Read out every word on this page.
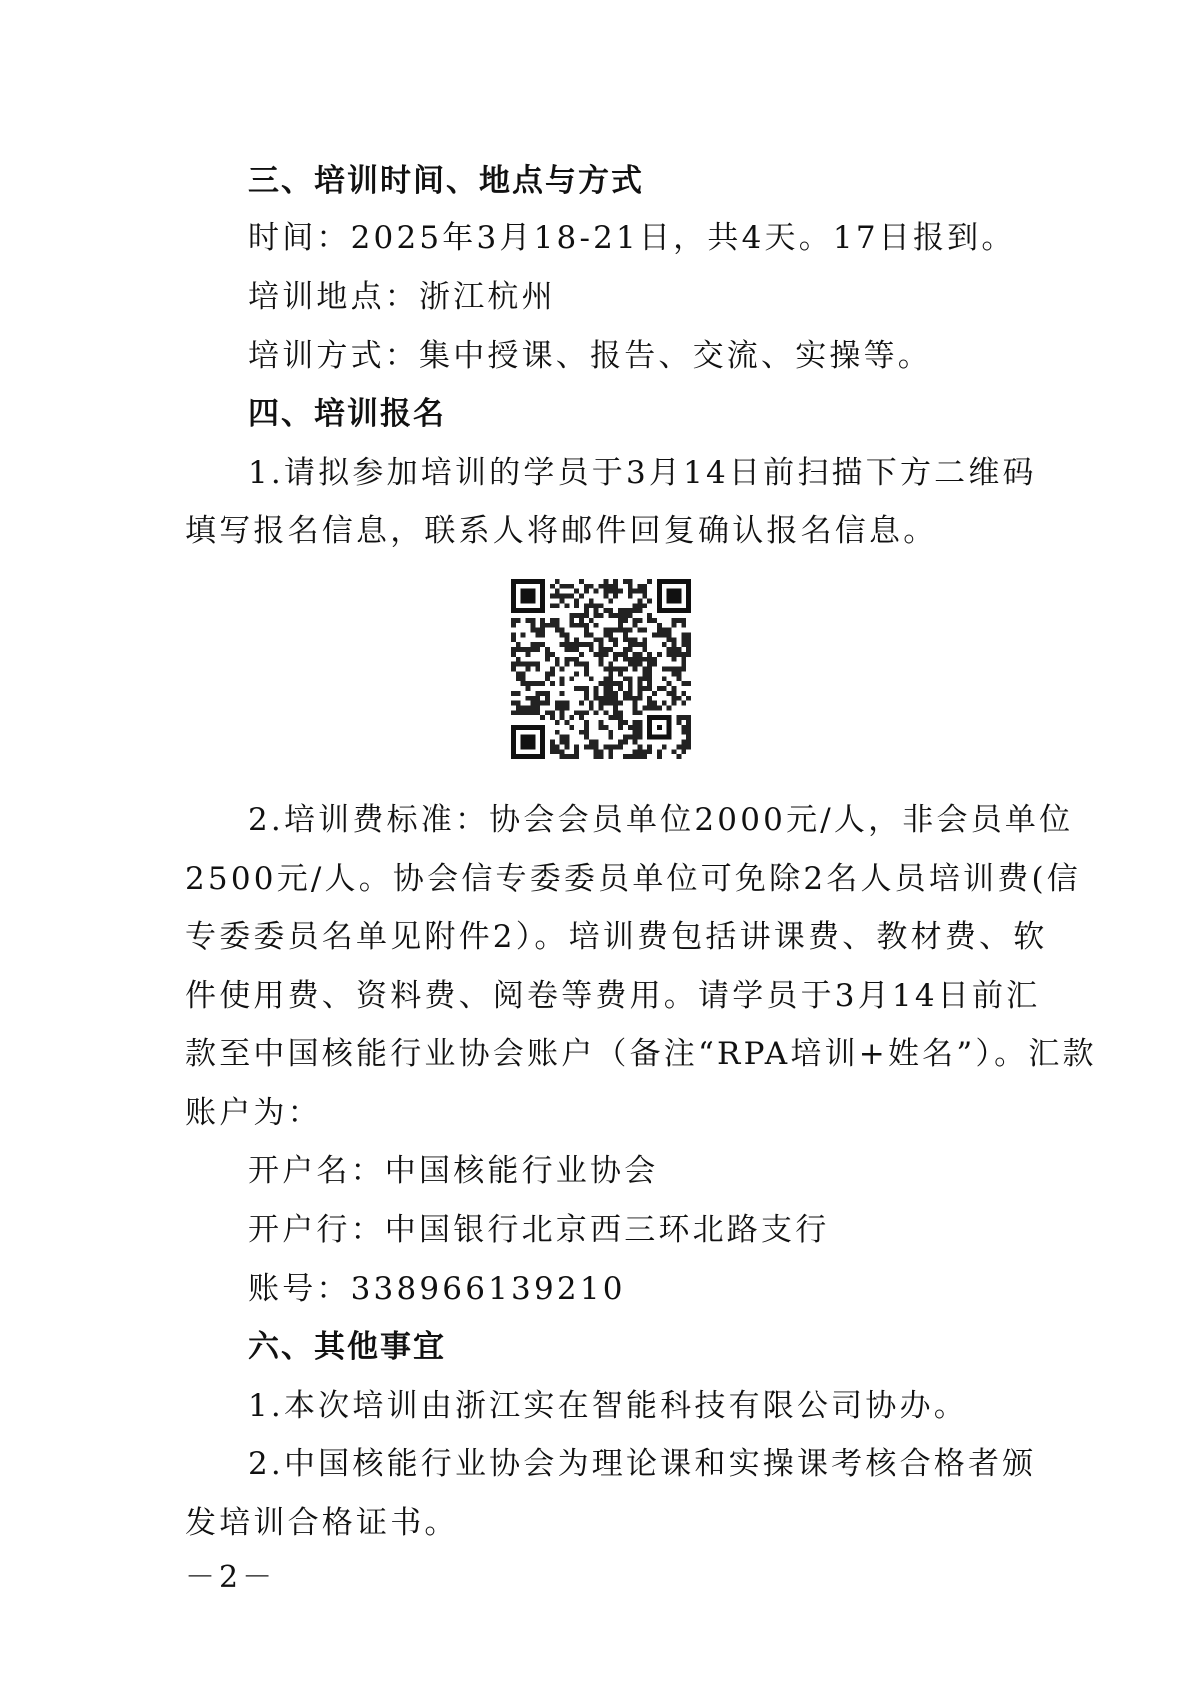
三、培训时间、地点与方式
时间：2025年3月18-21日，共4天。17日报到。
培训地点：浙江杭州
培训方式：集中授课、报告、交流、实操等。
四、培训报名
1.请拟参加培训的学员于3月14日前扫描下方二维码
填写报名信息，联系人将邮件回复确认报名信息。
2.培训费标准：协会会员单位2000元/人，非会员单位
2500元/人。协会信专委委员单位可免除2名人员培训费(信
专委委员名单见附件2）。培训费包括讲课费、教材费、软
件使用费、资料费、阅卷等费用。请学员于3月14日前汇
款至中国核能行业协会账户（备注“RPA培训+姓名”）。汇款
账户为：
开户名：中国核能行业协会
开户行：中国银行北京西三环北路支行
账号：338966139210
六、其他事宜
1.本次培训由浙江实在智能科技有限公司协办。
2.中国核能行业协会为理论课和实操课考核合格者颁
发培训合格证书。
－2－
